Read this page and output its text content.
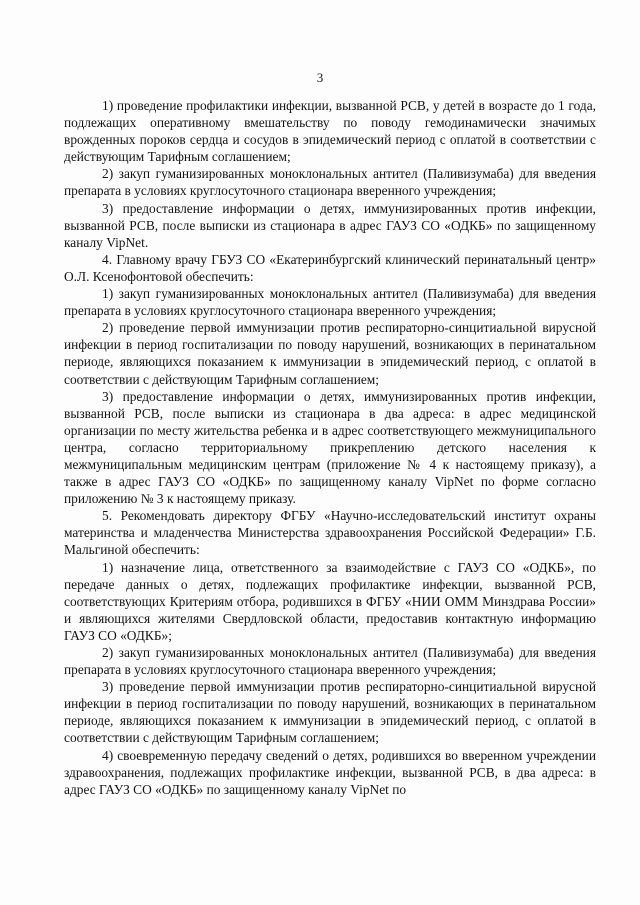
3

1) проведение профилактики инфекции, вызванной РСВ, у детей в возрасте до 1 года, подлежащих оперативному вмешательству по поводу гемодинамически значимых врожденных пороков сердца и сосудов в эпидемический период с оплатой в соответствии с действующим Тарифным соглашением;

2) закуп гуманизированных моноклональных антител (Паливизумаба) для введения препарата в условиях круглосуточного стационара вверенного учреждения;

3) предоставление информации о детях, иммунизированных против инфекции, вызванной РСВ, после выписки из стационара в адрес ГАУЗ СО «ОДКБ» по защищенному каналу VipNet.

4. Главному врачу ГБУЗ СО «Екатеринбургский клинический перинатальный центр» О.Л. Ксенофонтовой обеспечить:

1) закуп гуманизированных моноклональных антител (Паливизумаба) для введения препарата в условиях круглосуточного стационара вверенного учреждения;

2) проведение первой иммунизации против респираторно-синцитиальной вирусной инфекции в период госпитализации по поводу нарушений, возникающих в перинатальном периоде, являющихся показанием к иммунизации в эпидемический период, с оплатой в соответствии с действующим Тарифным соглашением;

3) предоставление информации о детях, иммунизированных против инфекции, вызванной РСВ, после выписки из стационара в два адреса: в адрес медицинской организации по месту жительства ребенка и в адрес соответствующего межмуниципального центра, согласно территориальному прикреплению детского населения к межмуниципальным медицинским центрам (приложение № 4 к настоящему приказу), а также в адрес ГАУЗ СО «ОДКБ» по защищенному каналу VipNet по форме согласно приложению № 3 к настоящему приказу.

5. Рекомендовать директору ФГБУ «Научно-исследовательский институт охраны материнства и младенчества Министерства здравоохранения Российской Федерации» Г.Б. Мальгиной обеспечить:

1) назначение лица, ответственного за взаимодействие с ГАУЗ СО «ОДКБ», по передаче данных о детях, подлежащих профилактике инфекции, вызванной РСВ, соответствующих Критериям отбора, родившихся в ФГБУ «НИИ ОММ Минздрава России» и являющихся жителями Свердловской области, предоставив контактную информацию ГАУЗ СО «ОДКБ»;

2) закуп гуманизированных моноклональных антител (Паливизумаба) для введения препарата в условиях круглосуточного стационара вверенного учреждения;

3) проведение первой иммунизации против респираторно-синцитиальной вирусной инфекции в период госпитализации по поводу нарушений, возникающих в перинатальном периоде, являющихся показанием к иммунизации в эпидемический период, с оплатой в соответствии с действующим Тарифным соглашением;

4) своевременную передачу сведений о детях, родившихся во вверенном учреждении здравоохранения, подлежащих профилактике инфекции, вызванной РСВ, в два адреса: в адрес ГАУЗ СО «ОДКБ» по защищенному каналу VipNet по
